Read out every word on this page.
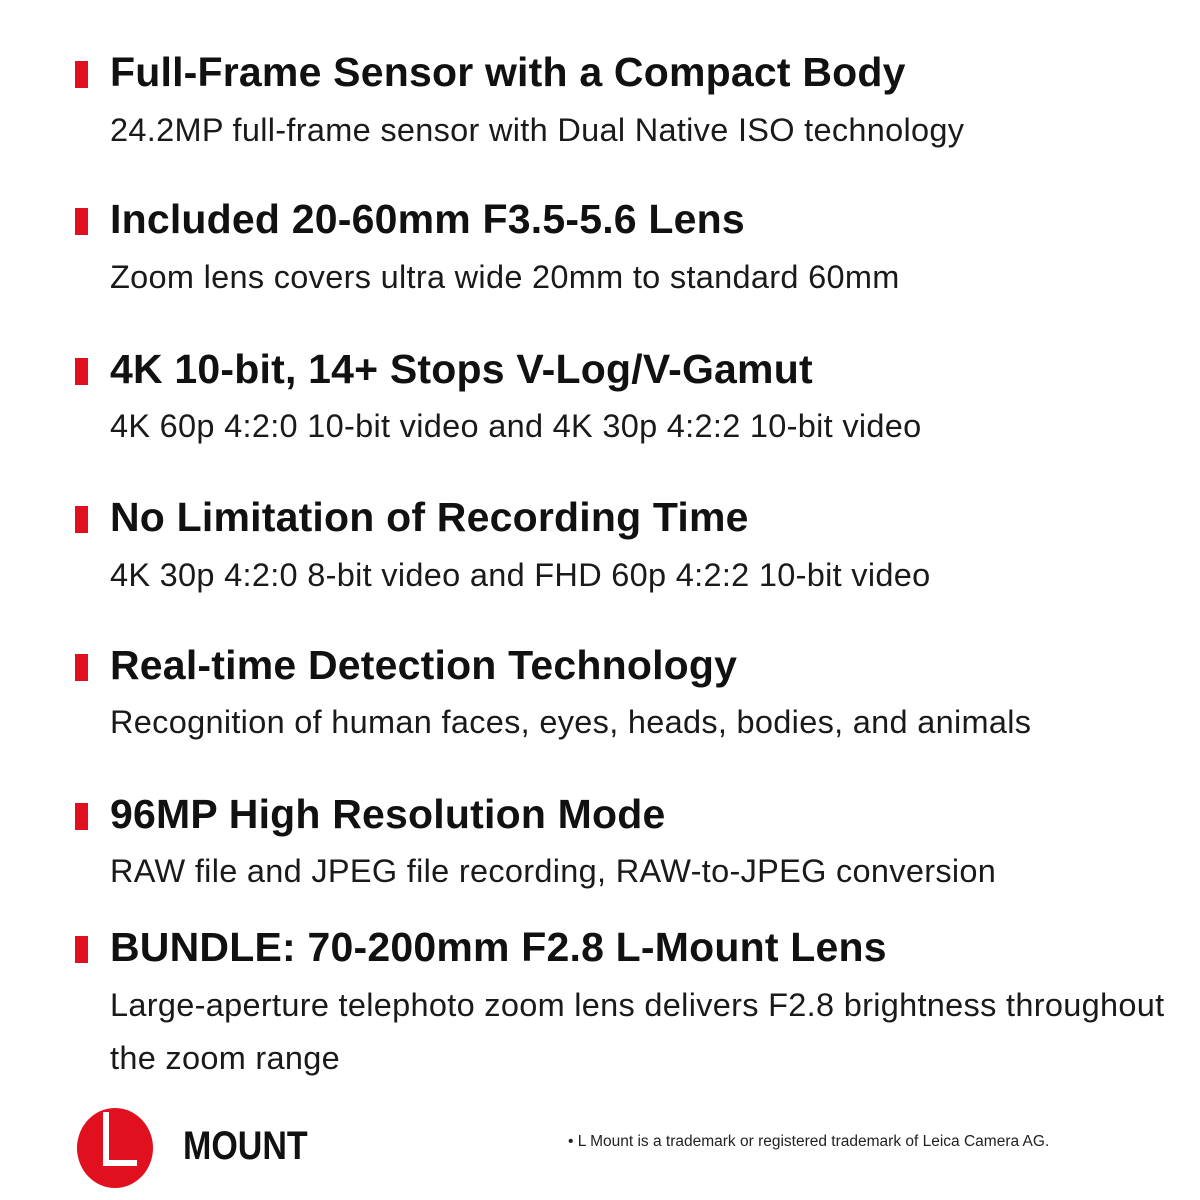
Full-Frame Sensor with a Compact Body
24.2MP full-frame sensor with Dual Native ISO technology
Included 20-60mm F3.5-5.6 Lens
Zoom lens covers ultra wide 20mm to standard 60mm
4K 10-bit, 14+ Stops V-Log/V-Gamut
4K 60p 4:2:0 10-bit video and 4K 30p 4:2:2 10-bit video
No Limitation of Recording Time
4K 30p 4:2:0 8-bit video and FHD 60p 4:2:2 10-bit video
Real-time Detection Technology
Recognition of human faces, eyes, heads, bodies, and animals
96MP High Resolution Mode
RAW file and JPEG file recording, RAW-to-JPEG conversion
BUNDLE: 70-200mm F2.8 L-Mount Lens
Large-aperture telephoto zoom lens delivers F2.8 brightness throughout the zoom range
MOUNT	• L Mount is a trademark or registered trademark of Leica Camera AG.
